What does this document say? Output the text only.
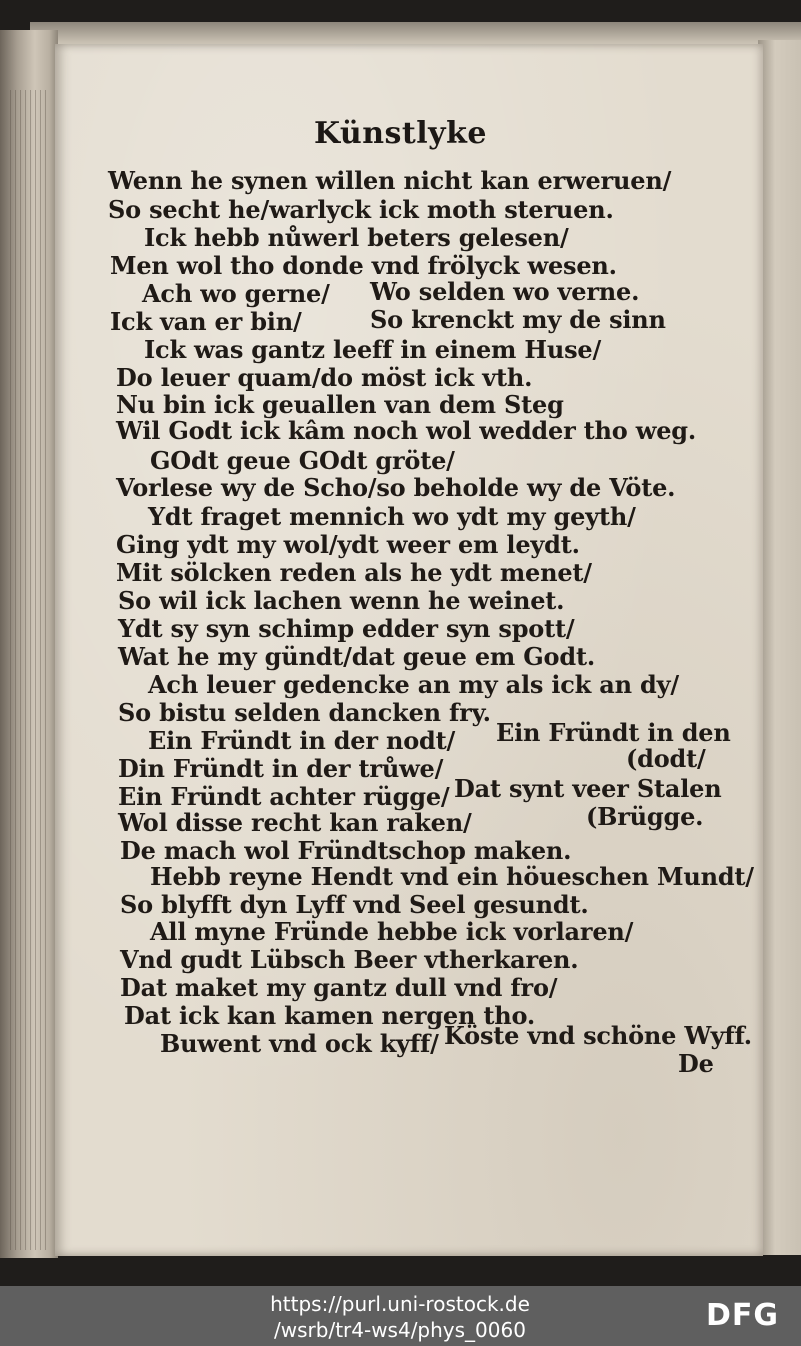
Künstlyke
Wenn he synen willen nicht kan erweruen/
So secht he/warlyck ick moth steruen.
Ick hebb nůwerl beters gelesen/
Men wol tho donde vnd frölyck wesen.
Ach wo gerne/ Wo selden wo verne.
Ick van er bin/	So krenckt my de sinn
Ick was gantz leeff in einem Huse/
Do leuer quam/do möst ick vth.
Nu bin ick geuallen van dem Steg
Wil Godt ick kâm noch wol wedder tho weg.
GOdt geue GOdt gröte/
Vorlese wy de Scho/so beholde wy de Vöte.
Ydt fraget mennich wo ydt my geyth/
Ging ydt my wol/ydt weer em leydt.
Mit sölcken reden als he ydt menet/
So wil ick lachen wenn he weinet.
Ydt sy syn schimp edder syn spott/
Wat he my gündt/dat geue em Godt.
Ach leuer gedencke an my als ick an dy/
So bistu selden dancken fry.
Ein Fründt in der nodt/ Ein Fründt in den
Din Fründt in der trůwe/	(dodt/
Ein Fründt achter rügge/ Dat synt veer Stalen
Wol disse recht kan raken/	(Brügge.
De mach wol Fründtschop maken.
Hebb reyne Hendt vnd ein höueschen Mundt/
So blyfft dyn Lyff vnd Seel gesundt.
All myne Fründe hebbe ick vorlaren/
Vnd gudt Lübsch Beer vtherkaren.
Dat maket my gantz dull vnd fro/
Dat ick kan kamen nergen tho.
Buwent vnd ock kyff/ Köste vnd schöne Wyff.
De
https://purl.uni-rostock.de
/wsrb/tr4-ws4/phys_0060	DFG
